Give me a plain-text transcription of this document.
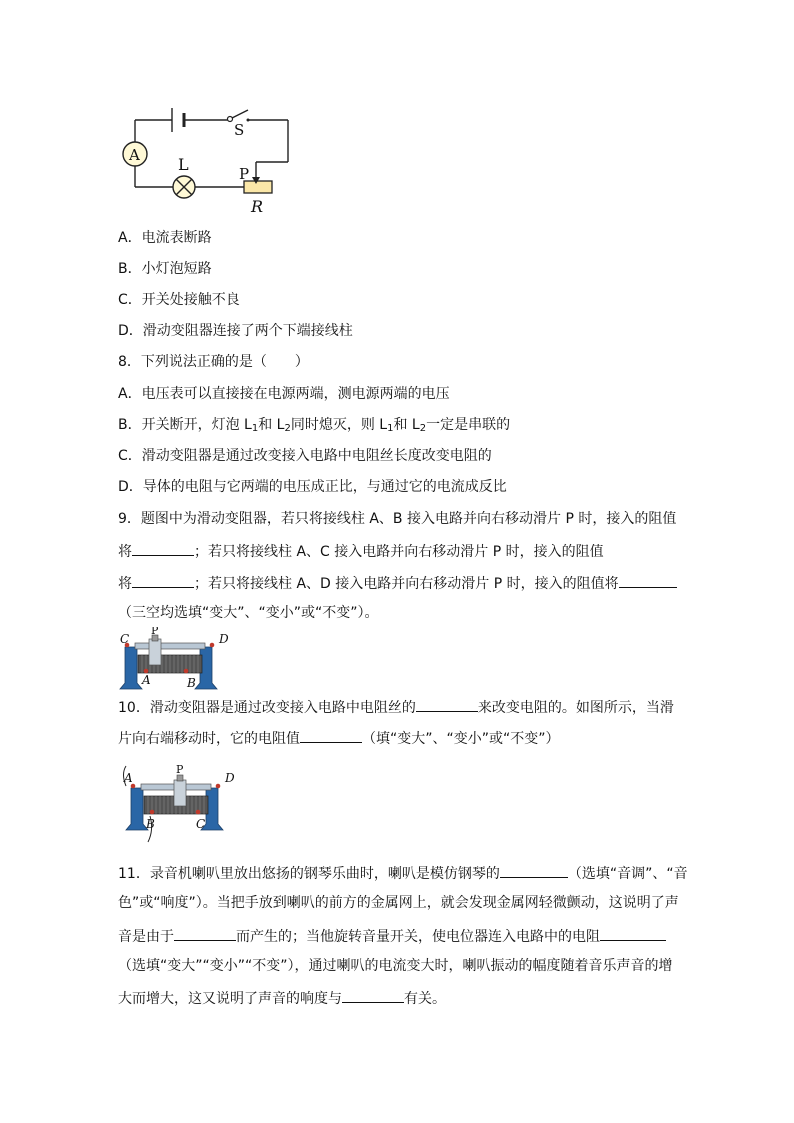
S
A L	P
R
A．电流表断路
B．小灯泡短路
C．开关处接触不良
D．滑动变阻器连接了两个下端接线柱
8．下列说法正确的是（　　）
A．电压表可以直接接在电源两端，测电源两端的电压
B．开关断开，灯泡 $L_1$和 $L_2$同时熄灭，则 $L_1$和 $L_2$一定是串联的
C．滑动变阻器是通过改变接入电路中电阻丝长度改变电阻的
D．导体的电阻与它两端的电压成正比，与通过它的电流成反比
9．题图中为滑动变阻器，若只将接线柱 A、B 接入电路并向右移动滑片 P 时，接入的阻值
将	；若只将接线柱 A、C 接入电路并向右移动滑片 P 时，接入的阻值
将	；若只将接线柱 A、D 接入电路并向右移动滑片 P 时，接入的阻值将
（三空均选填“变大”、“变小”或“不变”）。
C
P
D
A	B
10．滑动变阻器是通过改变接入电路中电阻丝的	来改变电阻的。如图所示，当滑
片向右端移动时，它的电阻值	（填“变大”、“变小”或“不变”）
A
P
D
B	C
11．录音机喇叭里放出悠扬的钢琴乐曲时，喇叭是模仿钢琴的	（选填“音调”、“音
色”或“响度”）。当把手放到喇叭的前方的金属网上，就会发现金属网轻微颤动，这说明了声
音是由于	而产生的；当他旋转音量开关，使电位器连入电路中的电阻
（选填“变大”“变小”“不变”），通过喇叭的电流变大时，喇叭振动的幅度随着音乐声音的增
大而增大，这又说明了声音的响度与	有关。
